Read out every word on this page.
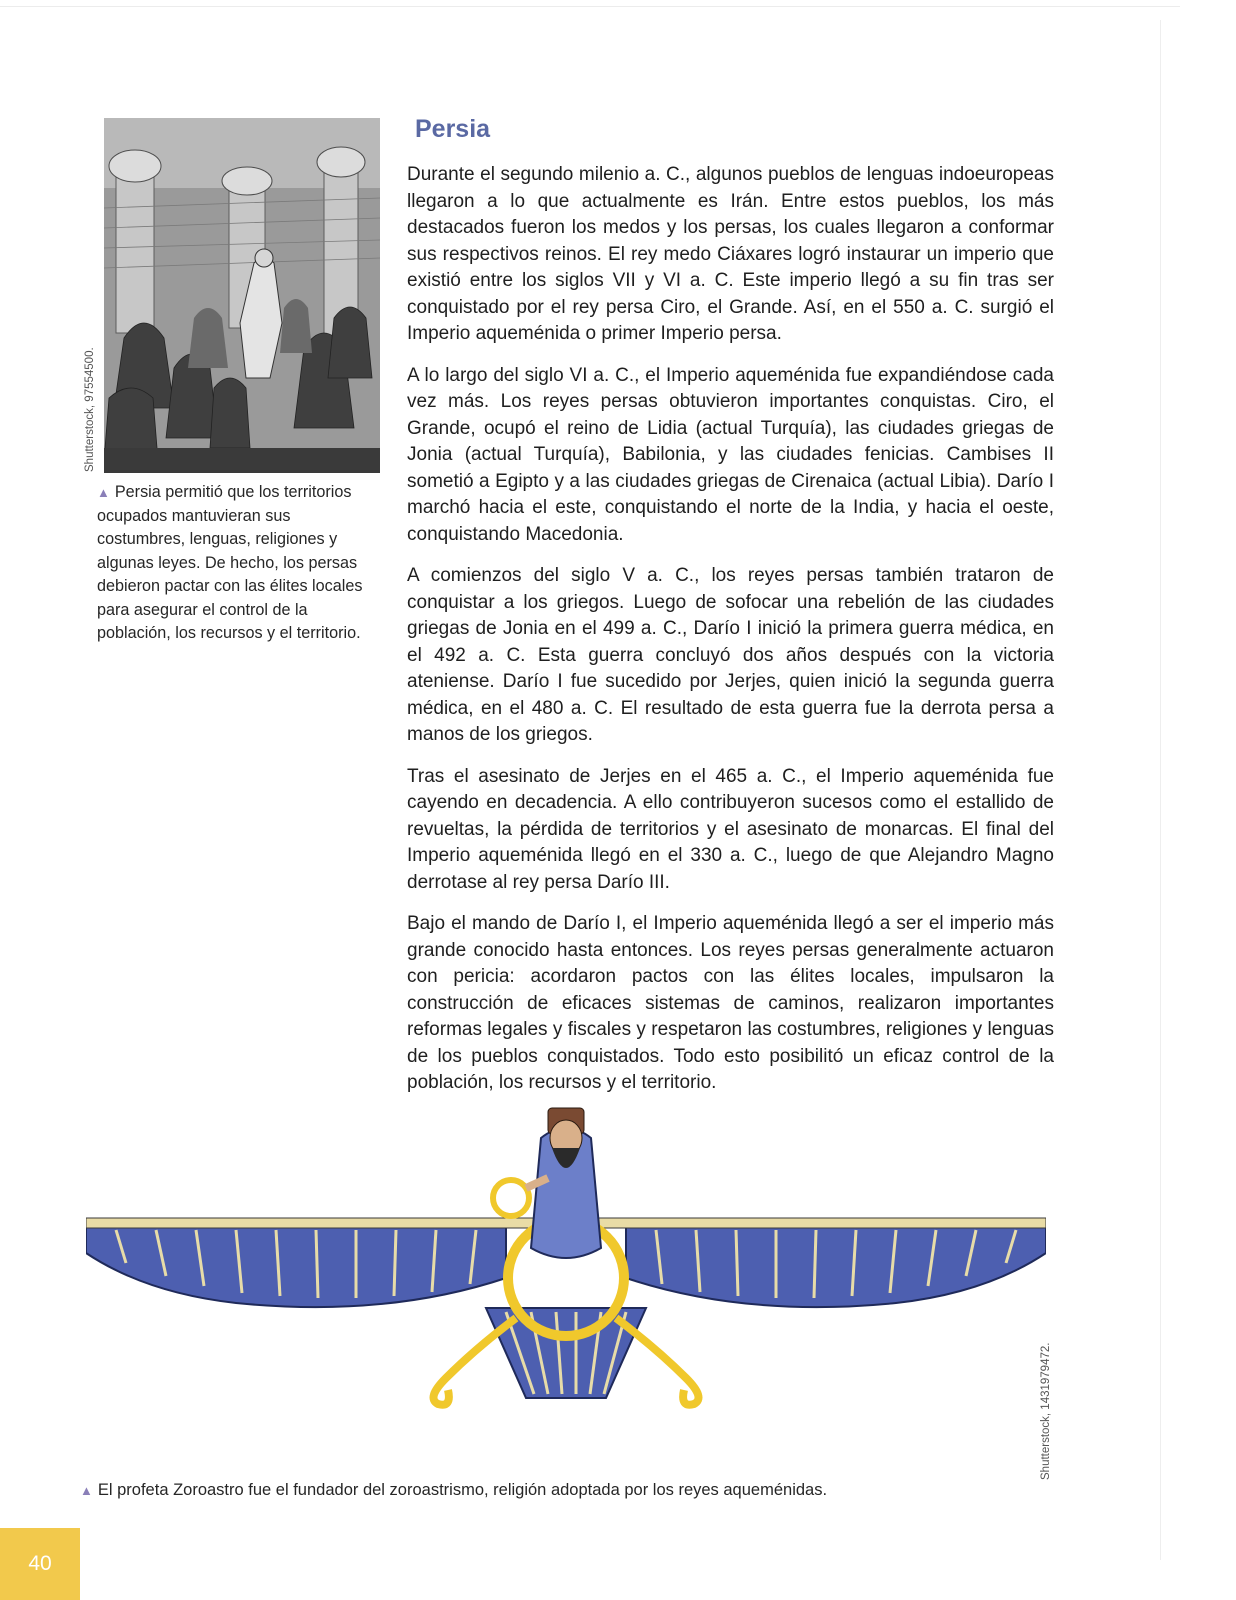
Shutterstock, 97554500.

▲ Persia permitió que los territorios ocupados mantuvieran sus costumbres, lenguas, religiones y algunas leyes. De hecho, los persas debieron pactar con las élites locales para asegurar el control de la población, los recursos y el territorio.

Persia

Durante el segundo milenio a. C., algunos pueblos de lenguas indoeuropeas llegaron a lo que actualmente es Irán. Entre estos pueblos, los más destacados fueron los medos y los persas, los cuales llegaron a conformar sus respectivos reinos. El rey medo Ciáxares logró instaurar un imperio que existió entre los siglos VII y VI a. C. Este imperio llegó a su fin tras ser conquistado por el rey persa Ciro, el Grande. Así, en el 550 a. C. surgió el Imperio aqueménida o primer Imperio persa.

A lo largo del siglo VI a. C., el Imperio aqueménida fue expandiéndose cada vez más. Los reyes persas obtuvieron importantes conquistas. Ciro, el Grande, ocupó el reino de Lidia (actual Turquía), las ciudades griegas de Jonia (actual Turquía), Babilonia, y las ciudades fenicias. Cambises II sometió a Egipto y a las ciudades griegas de Cirenaica (actual Libia). Darío I marchó hacia el este, conquistando el norte de la India, y hacia el oeste, conquistando Macedonia.

A comienzos del siglo V a. C., los reyes persas también trataron de conquistar a los griegos. Luego de sofocar una rebelión de las ciudades griegas de Jonia en el 499 a. C., Darío I inició la primera guerra médica, en el 492 a. C. Esta guerra concluyó dos años después con la victoria ateniense. Darío I fue sucedido por Jerjes, quien inició la segunda guerra médica, en el 480 a. C. El resultado de esta guerra fue la derrota persa a manos de los griegos.

Tras el asesinato de Jerjes en el 465 a. C., el Imperio aqueménida fue cayendo en decadencia. A ello contribuyeron sucesos como el estallido de revueltas, la pérdida de territorios y el asesinato de monarcas. El final del Imperio aqueménida llegó en el 330 a. C., luego de que Alejandro Magno derrotase al rey persa Darío III.

Bajo el mando de Darío I, el Imperio aqueménida llegó a ser el imperio más grande conocido hasta entonces. Los reyes persas generalmente actuaron con pericia: acordaron pactos con las élites locales, impulsaron la construcción de eficaces sistemas de caminos, realizaron importantes reformas legales y fiscales y respetaron las costumbres, religiones y lenguas de los pueblos conquistados. Todo esto posibilitó un eficaz control de la población, los recursos y el territorio.

Shutterstock, 1431979472.

▲ El profeta Zoroastro fue el fundador del zoroastrismo, religión adoptada por los reyes aqueménidas.

40
